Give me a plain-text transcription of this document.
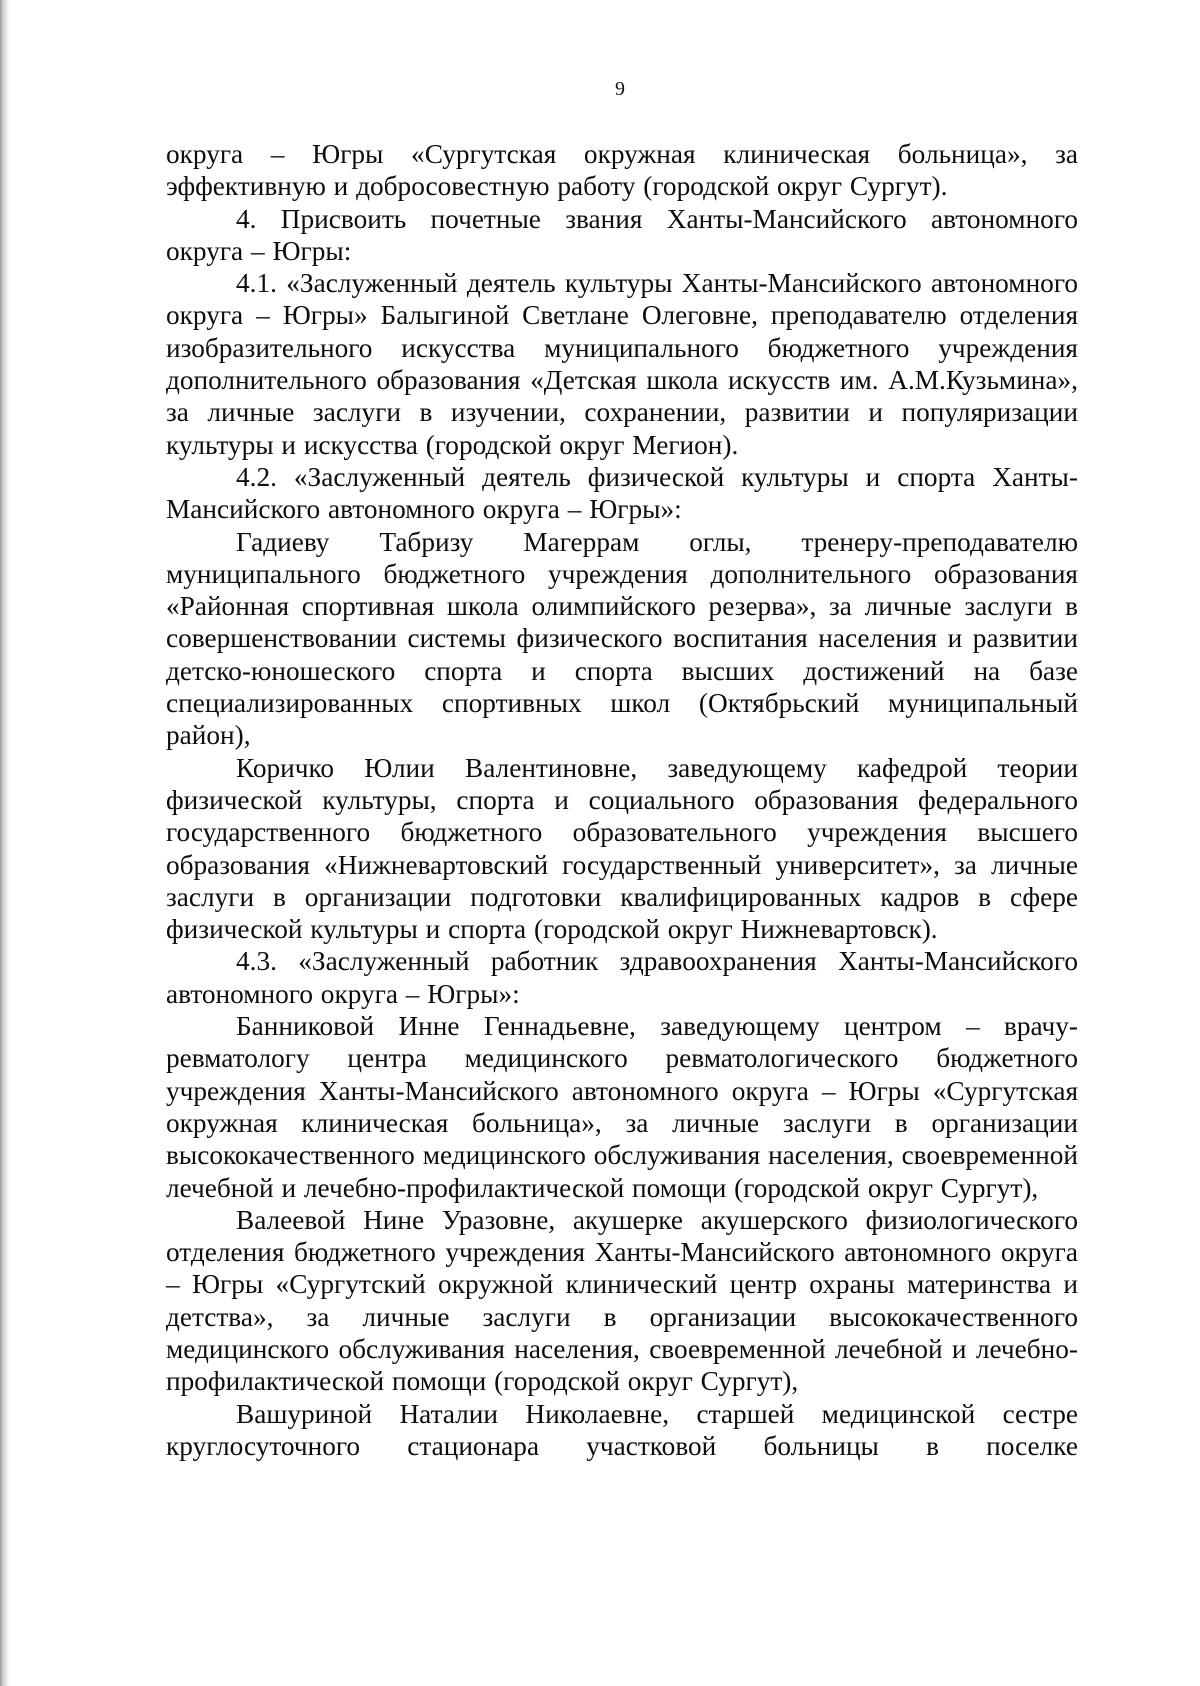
9

округа – Югры «Сургутская окружная клиническая больница», за эффективную и добросовестную работу (городской округ Сургут).

4. Присвоить почетные звания Ханты-Мансийского автономного округа – Югры:

4.1. «Заслуженный деятель культуры Ханты-Мансийского автономного округа – Югры» Балыгиной Светлане Олеговне, преподавателю отделения изобразительного искусства муниципального бюджетного учреждения дополнительного образования «Детская школа искусств им. А.М.Кузьмина», за личные заслуги в изучении, сохранении, развитии и популяризации культуры и искусства (городской округ Мегион).

4.2. «Заслуженный деятель физической культуры и спорта Ханты-Мансийского автономного округа – Югры»:

Гадиеву Табризу Магеррам оглы, тренеру-преподавателю муниципального бюджетного учреждения дополнительного образования «Районная спортивная школа олимпийского резерва», за личные заслуги в совершенствовании системы физического воспитания населения и развитии детско-юношеского спорта и спорта высших достижений на базе специализированных спортивных школ (Октябрьский муниципальный район),

Коричко Юлии Валентиновне, заведующему кафедрой теории физической культуры, спорта и социального образования федерального государственного бюджетного образовательного учреждения высшего образования «Нижневартовский государственный университет», за личные заслуги в организации подготовки квалифицированных кадров в сфере физической культуры и спорта (городской округ Нижневартовск).

4.3. «Заслуженный работник здравоохранения Ханты-Мансийского автономного округа – Югры»:

Банниковой Инне Геннадьевне, заведующему центром – врачу-ревматологу центра медицинского ревматологического бюджетного учреждения Ханты-Мансийского автономного округа – Югры «Сургутская окружная клиническая больница», за личные заслуги в организации высококачественного медицинского обслуживания населения, своевременной лечебной и лечебно-профилактической помощи (городской округ Сургут),

Валеевой Нине Уразовне, акушерке акушерского физиологического отделения бюджетного учреждения Ханты-Мансийского автономного округа – Югры «Сургутский окружной клинический центр охраны материнства и детства», за личные заслуги в организации высококачественного медицинского обслуживания населения, своевременной лечебной и лечебно-профилактической помощи (городской округ Сургут),

Вашуриной Наталии Николаевне, старшей медицинской сестре круглосуточного стационара участковой больницы в поселке
